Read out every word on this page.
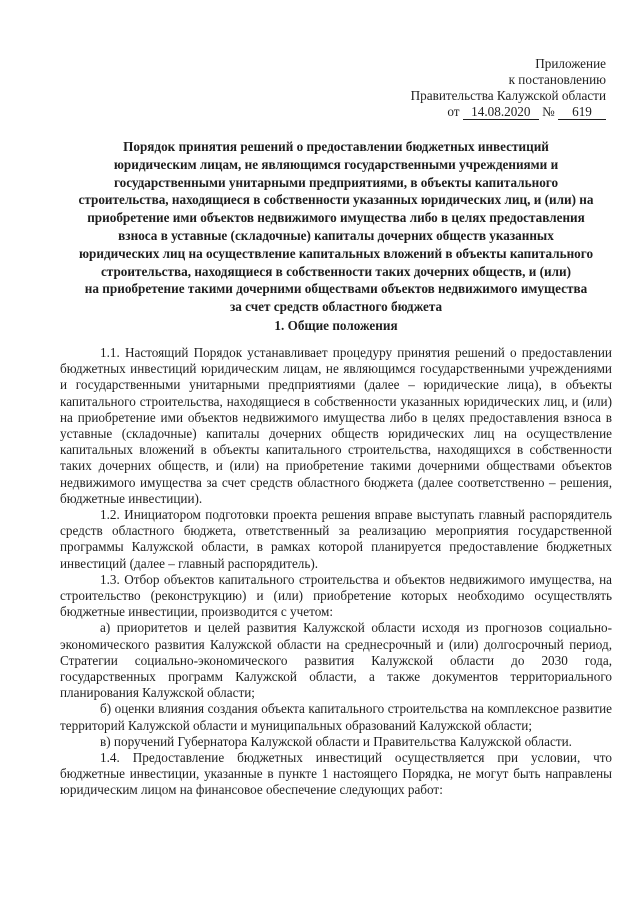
Приложение
к постановлению
Правительства Калужской области
от 14.08.2020 № 619
Порядок принятия решений о предоставлении бюджетных инвестиций
юридическим лицам, не являющимся государственными учреждениями и
государственными унитарными предприятиями, в объекты капитального
строительства, находящиеся в собственности указанных юридических лиц, и (или) на
приобретение ими объектов недвижимого имущества либо в целях предоставления
взноса в уставные (складочные) капиталы дочерних обществ указанных
юридических лиц на осуществление капитальных вложений в объекты капитального
строительства, находящиеся в собственности таких дочерних обществ, и (или)
на приобретение такими дочерними обществами объектов недвижимого имущества
за счет средств областного бюджета
1. Общие положения

1.1. Настоящий Порядок устанавливает процедуру принятия решений о предоставлении бюджетных инвестиций юридическим лицам, не являющимся государственными учреждениями и государственными унитарными предприятиями (далее – юридические лица), в объекты капитального строительства, находящиеся в собственности указанных юридических лиц, и (или) на приобретение ими объектов недвижимого имущества либо в целях предоставления взноса в уставные (складочные) капиталы дочерних обществ юридических лиц на осуществление капитальных вложений в объекты капитального строительства, находящихся в собственности таких дочерних обществ, и (или) на приобретение такими дочерними обществами объектов недвижимого имущества за счет средств областного бюджета (далее соответственно – решения, бюджетные инвестиции).

1.2. Инициатором подготовки проекта решения вправе выступать главный распорядитель средств областного бюджета, ответственный за реализацию мероприятия государственной программы Калужской области, в рамках которой планируется предоставление бюджетных инвестиций (далее – главный распорядитель).

1.3. Отбор объектов капитального строительства и объектов недвижимого имущества, на строительство (реконструкцию) и (или) приобретение которых необходимо осуществлять бюджетные инвестиции, производится с учетом:

а) приоритетов и целей развития Калужской области исходя из прогнозов социально-экономического развития Калужской области на среднесрочный и (или) долгосрочный период, Стратегии социально-экономического развития Калужской области до 2030 года, государственных программ Калужской области, а также документов территориального планирования Калужской области;

б) оценки влияния создания объекта капитального строительства на комплексное развитие территорий Калужской области и муниципальных образований Калужской области;

в) поручений Губернатора Калужской области и Правительства Калужской области.

1.4. Предоставление бюджетных инвестиций осуществляется при условии, что бюджетные инвестиции, указанные в пункте 1 настоящего Порядка, не могут быть направлены юридическим лицом на финансовое обеспечение следующих работ:
